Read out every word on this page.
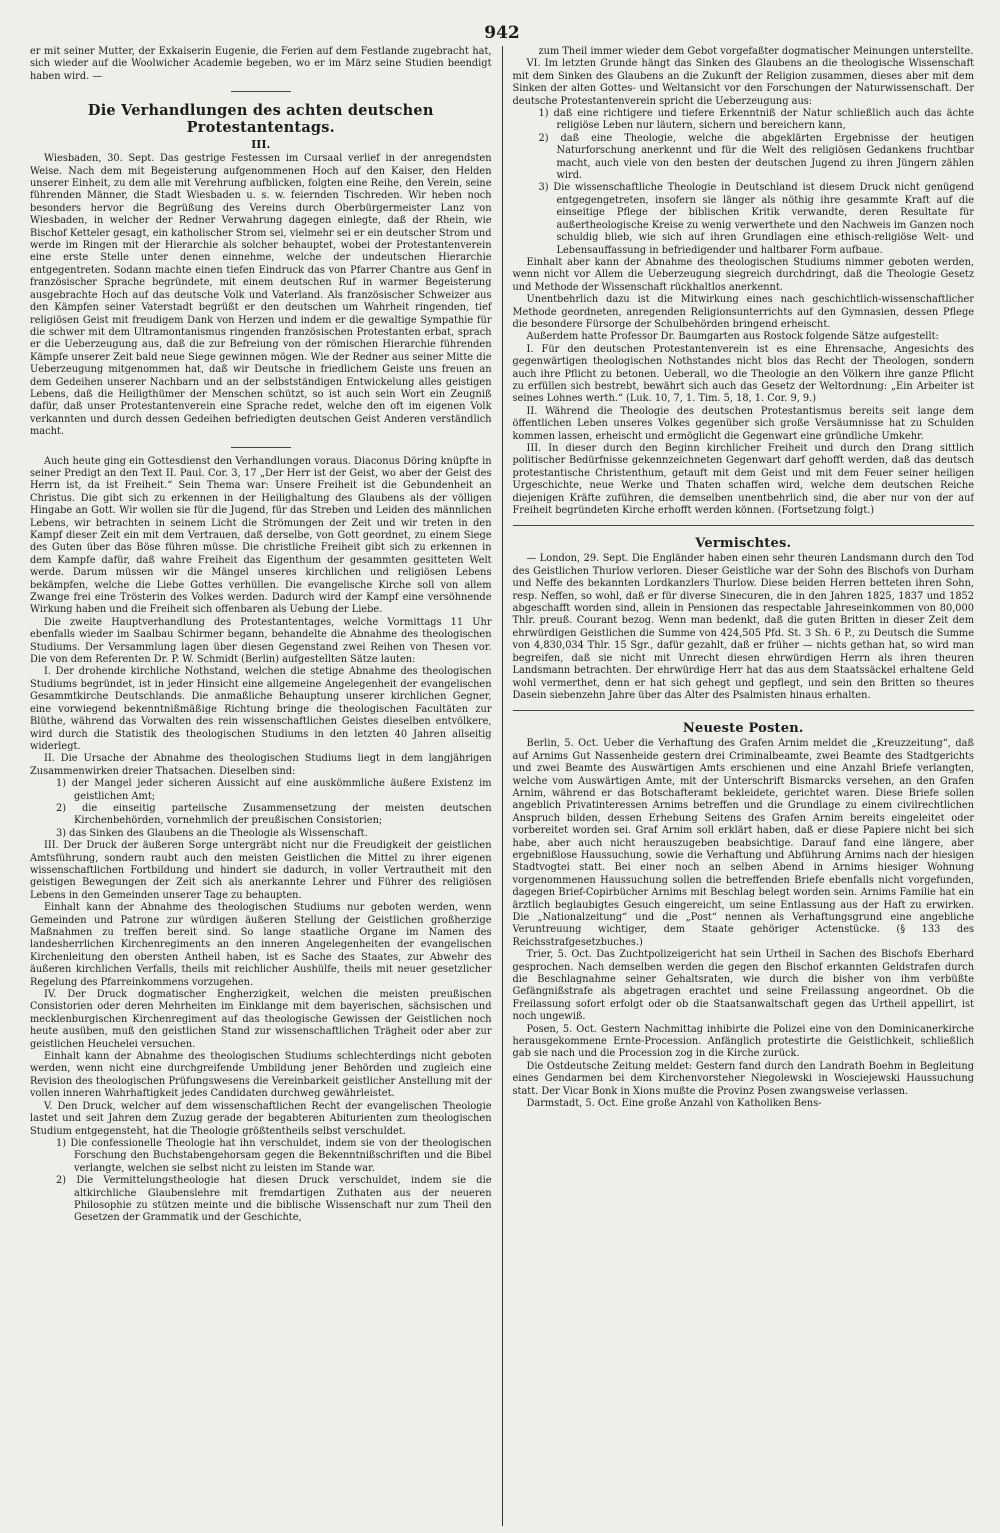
942

er mit seiner Mutter, der Exkaiserin Eugenie, die Ferien auf dem Festlande zugebracht hat, sich wieder auf die Woolwicher Academie begeben, wo er im März seine Studien beendigt haben wird. —

Die Verhandlungen des achten deutschen Protestantentags.
III.

Wiesbaden, 30. Sept. Das gestrige Festessen im Cursaal verlief in der anregendsten Weise. Nach dem mit Begeisterung aufgenommenen Hoch auf den Kaiser, den Helden unserer Einheit, zu dem alle mit Verehrung aufblicken, folgten eine Reihe, den Verein, seine führenden Männer, die Stadt Wiesbaden u. s. w. feiernden Tischreden. Wir heben noch besonders hervor die Begrüßung des Vereins durch Oberbürgermeister Lanz von Wiesbaden, in welcher der Redner Verwahrung dagegen einlegte, daß der Rhein, wie Bischof Ketteler gesagt, ein katholischer Strom sei, vielmehr sei er ein deutscher Strom und werde im Ringen mit der Hierarchie als solcher behauptet, wobei der Protestantenverein eine erste Stelle unter denen einnehme, welche der undeutschen Hierarchie entgegentreten. Sodann machte einen tiefen Eindruck das von Pfarrer Chantre aus Genf in französischer Sprache begründete, mit einem deutschen Ruf in warmer Begeisterung ausgebrachte Hoch auf das deutsche Volk und Vaterland. Als französischer Schweizer aus den Kämpfen seiner Vaterstadt begrüßt er den deutschen um Wahrheit ringenden, tief religiösen Geist mit freudigem Dank von Herzen und indem er die gewaltige Sympathie für die schwer mit dem Ultramontanismus ringenden französischen Protestanten erbat, sprach er die Ueberzeugung aus, daß die zur Befreiung von der römischen Hierarchie führenden Kämpfe unserer Zeit bald neue Siege gewinnen mögen. Wie der Redner aus seiner Mitte die Ueberzeugung mitgenommen hat, daß wir Deutsche in friedlichem Geiste uns freuen an dem Gedeihen unserer Nachbarn und an der selbstständigen Entwickelung alles geistigen Lebens, daß die Heiligthümer der Menschen schützt, so ist auch sein Wort ein Zeugniß dafür, daß unser Protestantenverein eine Sprache redet, welche den oft im eigenen Volk verkannten und durch dessen Gedeihen befriedigten deutschen Geist Anderen verständlich macht.

Auch heute ging ein Gottesdienst den Verhandlungen voraus. Diaconus Döring knüpfte in seiner Predigt an den Text II. Paul. Cor. 3, 17 „Der Herr ist der Geist, wo aber der Geist des Herrn ist, da ist Freiheit.“ Sein Thema war: Unsere Freiheit ist die Gebundenheit an Christus. Die gibt sich zu erkennen in der Heilighaltung des Glaubens als der völligen Hingabe an Gott. Wir wollen sie für die Jugend, für das Streben und Leiden des männlichen Lebens, wir betrachten in seinem Licht die Strömungen der Zeit und wir treten in den Kampf dieser Zeit ein mit dem Vertrauen, daß derselbe, von Gott geordnet, zu einem Siege des Guten über das Böse führen müsse. Die christliche Freiheit gibt sich zu erkennen in dem Kampfe dafür, daß wahre Freiheit das Eigenthum der gesammten gesitteten Welt werde. Darum müssen wir die Mängel unseres kirchlichen und religiösen Lebens bekämpfen, welche die Liebe Gottes verhüllen. Die evangelische Kirche soll von allem Zwange frei eine Trösterin des Volkes werden. Dadurch wird der Kampf eine versöhnende Wirkung haben und die Freiheit sich offenbaren als Uebung der Liebe.

Die zweite Hauptverhandlung des Protestantentages, welche Vormittags 11 Uhr ebenfalls wieder im Saalbau Schirmer begann, behandelte die Abnahme des theologischen Studiums. Der Versammlung lagen über diesen Gegenstand zwei Reihen von Thesen vor. Die von dem Referenten Dr. P. W. Schmidt (Berlin) aufgestellten Sätze lauten:

I. Der drohende kirchliche Nothstand, welchen die stetige Abnahme des theologischen Studiums begründet, ist in jeder Hinsicht eine allgemeine Angelegenheit der evangelischen Gesammtkirche Deutschlands. Die anmaßliche Behauptung unserer kirchlichen Gegner, eine vorwiegend bekenntnißmäßige Richtung bringe die theologischen Facultäten zur Blüthe, während das Vorwalten des rein wissenschaftlichen Geistes dieselben entvölkere, wird durch die Statistik des theologischen Studiums in den letzten 40 Jahren allseitig widerlegt.

II. Die Ursache der Abnahme des theologischen Studiums liegt in dem langjährigen Zusammenwirken dreier Thatsachen. Dieselben sind:

1) der Mangel jeder sicheren Aussicht auf eine auskömmliche äußere Existenz im geistlichen Amt;

2) die einseitig parteiische Zusammensetzung der meisten deutschen Kirchenbehörden, vornehmlich der preußischen Consistorien;

3) das Sinken des Glaubens an die Theologie als Wissenschaft.

III. Der Druck der äußeren Sorge untergräbt nicht nur die Freudigkeit der geistlichen Amtsführung, sondern raubt auch den meisten Geistlichen die Mittel zu ihrer eigenen wissenschaftlichen Fortbildung und hindert sie dadurch, in voller Vertrautheit mit den geistigen Bewegungen der Zeit sich als anerkannte Lehrer und Führer des religiösen Lebens in den Gemeinden unserer Tage zu behaupten.

Einhalt kann der Abnahme des theologischen Studiums nur geboten werden, wenn Gemeinden und Patrone zur würdigen äußeren Stellung der Geistlichen großherzige Maßnahmen zu treffen bereit sind. So lange staatliche Organe im Namen des landesherrlichen Kirchenregiments an den inneren Angelegenheiten der evangelischen Kirchenleitung den obersten Antheil haben, ist es Sache des Staates, zur Abwehr des äußeren kirchlichen Verfalls, theils mit reichlicher Aushülfe, theils mit neuer gesetzlicher Regelung des Pfarreinkommens vorzugehen.

IV. Der Druck dogmatischer Engherzigkeit, welchen die meisten preußischen Consistorien oder deren Mehrheiten im Einklange mit dem bayerischen, sächsischen und mecklenburgischen Kirchenregiment auf das theologische Gewissen der Geistlichen noch heute ausüben, muß den geistlichen Stand zur wissenschaftlichen Trägheit oder aber zur geistlichen Heuchelei versuchen.

Einhalt kann der Abnahme des theologischen Studiums schlechterdings nicht geboten werden, wenn nicht eine durchgreifende Umbildung jener Behörden und zugleich eine Revision des theologischen Prüfungswesens die Vereinbarkeit geistlicher Anstellung mit der vollen inneren Wahrhaftigkeit jedes Candidaten durchweg gewährleistet.

V. Den Druck, welcher auf dem wissenschaftlichen Recht der evangelischen Theologie lastet und seit Jahren dem Zuzug gerade der begabteren Abiturienten zum theologischen Studium entgegensteht, hat die Theologie größtentheils selbst verschuldet.

1) Die confessionelle Theologie hat ihn verschuldet, indem sie von der theologischen Forschung den Buchstabengehorsam gegen die Bekenntnißschriften und die Bibel verlangte, welchen sie selbst nicht zu leisten im Stande war.

2) Die Vermittelungstheologie hat diesen Druck verschuldet, indem sie die altkirchliche Glaubenslehre mit fremdartigen Zuthaten aus der neueren Philosophie zu stützen meinte und die biblische Wissenschaft nur zum Theil den Gesetzen der Grammatik und der Geschichte,

zum Theil immer wieder dem Gebot vorgefaßter dogmatischer Meinungen unterstellte.

VI. Im letzten Grunde hängt das Sinken des Glaubens an die theologische Wissenschaft mit dem Sinken des Glaubens an die Zukunft der Religion zusammen, dieses aber mit dem Sinken der alten Gottes- und Weltansicht vor den Forschungen der Naturwissenschaft. Der deutsche Protestantenverein spricht die Ueberzeugung aus:

1) daß eine richtigere und tiefere Erkenntniß der Natur schließlich auch das ächte religiöse Leben nur läutern, sichern und bereichern kann,

2) daß eine Theologie, welche die abgeklärten Ergebnisse der heutigen Naturforschung anerkennt und für die Welt des religiösen Gedankens fruchtbar macht, auch viele von den besten der deutschen Jugend zu ihren Jüngern zählen wird.

3) Die wissenschaftliche Theologie in Deutschland ist diesem Druck nicht genügend entgegengetreten, insofern sie länger als nöthig ihre gesammte Kraft auf die einseitige Pflege der biblischen Kritik verwandte, deren Resultate für außertheologische Kreise zu wenig verwerthete und den Nachweis im Ganzen noch schuldig blieb, wie sich auf ihren Grundlagen eine ethisch-religiöse Welt- und Lebensauffassung in befriedigender und haltbarer Form aufbaue.

Einhalt aber kann der Abnahme des theologischen Studiums nimmer geboten werden, wenn nicht vor Allem die Ueberzeugung siegreich durchdringt, daß die Theologie Gesetz und Methode der Wissenschaft rückhaltlos anerkennt.

Unentbehrlich dazu ist die Mitwirkung eines nach geschichtlich-wissenschaftlicher Methode geordneten, anregenden Religionsunterrichts auf den Gymnasien, dessen Pflege die besondere Fürsorge der Schulbehörden bringend erheischt.

Außerdem hatte Professor Dr. Baumgarten aus Rostock folgende Sätze aufgestellt:

I. Für den deutschen Protestantenverein ist es eine Ehrensache, Angesichts des gegenwärtigen theologischen Nothstandes nicht blos das Recht der Theologen, sondern auch ihre Pflicht zu betonen. Ueberall, wo die Theologie an den Völkern ihre ganze Pflicht zu erfüllen sich bestrebt, bewährt sich auch das Gesetz der Weltordnung: „Ein Arbeiter ist seines Lohnes werth.“ (Luk. 10, 7, 1. Tim. 5, 18, 1. Cor. 9, 9.)

II. Während die Theologie des deutschen Protestantismus bereits seit lange dem öffentlichen Leben unseres Volkes gegenüber sich große Versäumnisse hat zu Schulden kommen lassen, erheischt und ermöglicht die Gegenwart eine gründliche Umkehr.

III. In dieser durch den Beginn kirchlicher Freiheit und durch den Drang sittlich politischer Bedürfnisse gekennzeichneten Gegenwart darf gehofft werden, daß das deutsch protestantische Christenthum, getauft mit dem Geist und mit dem Feuer seiner heiligen Urgeschichte, neue Werke und Thaten schaffen wird, welche dem deutschen Reiche diejenigen Kräfte zuführen, die demselben unentbehrlich sind, die aber nur von der auf Freiheit begründeten Kirche erhofft werden können. (Fortsetzung folgt.)

Vermischtes.

— London, 29. Sept. Die Engländer haben einen sehr theuren Landsmann durch den Tod des Geistlichen Thurlow verloren. Dieser Geistliche war der Sohn des Bischofs von Durham und Neffe des bekannten Lordkanzlers Thurlow. Diese beiden Herren betteten ihren Sohn, resp. Neffen, so wohl, daß er für diverse Sinecuren, die in den Jahren 1825, 1837 und 1852 abgeschafft worden sind, allein in Pensionen das respectable Jahreseinkommen von 80,000 Thlr. preuß. Courant bezog. Wenn man bedenkt, daß die guten Britten in dieser Zeit dem ehrwürdigen Geistlichen die Summe von 424,505 Pfd. St. 3 Sh. 6 P., zu Deutsch die Summe von 4,830,034 Thlr. 15 Sgr., dafür gezahlt, daß er früher — nichts gethan hat, so wird man begreifen, daß sie nicht mit Unrecht diesen ehrwürdigen Herrn als ihren theuren Landsmann betrachten. Der ehrwürdige Herr hat das aus dem Staatssäckel erhaltene Geld wohl vermerthet, denn er hat sich gehegt und gepflegt, und sein den Britten so theures Dasein siebenzehn Jahre über das Alter des Psalmisten hinaus erhalten.

Neueste Posten.

Berlin, 5. Oct. Ueber die Verhaftung des Grafen Arnim meldet die „Kreuzzeitung“, daß auf Arnims Gut Nassenheide gestern drei Criminalbeamte, zwei Beamte des Stadtgerichts und zwei Beamte des Auswärtigen Amts erschienen und eine Anzahl Briefe verlangten, welche vom Auswärtigen Amte, mit der Unterschrift Bismarcks versehen, an den Grafen Arnim, während er das Botschafteramt bekleidete, gerichtet waren. Diese Briefe sollen angeblich Privatinteressen Arnims betreffen und die Grundlage zu einem civilrechtlichen Anspruch bilden, dessen Erhebung Seitens des Grafen Arnim bereits eingeleitet oder vorbereitet worden sei. Graf Arnim soll erklärt haben, daß er diese Papiere nicht bei sich habe, aber auch nicht herauszugeben beabsichtige. Darauf fand eine längere, aber ergebnißlose Haussuchung, sowie die Verhaftung und Abführung Arnims nach der hiesigen Stadtvogtei statt. Bei einer noch an selben Abend in Arnims hiesiger Wohnung vorgenommenen Haussuchung sollen die betreffenden Briefe ebenfalls nicht vorgefunden, dagegen Brief-Copirbücher Arnims mit Beschlag belegt worden sein. Arnims Familie hat ein ärztlich beglaubigtes Gesuch eingereicht, um seine Entlassung aus der Haft zu erwirken. Die „Nationalzeitung“ und die „Post“ nennen als Verhaftungsgrund eine angebliche Veruntreuung wichtiger, dem Staate gehöriger Actenstücke. (§ 133 des Reichsstrafgesetzbuches.)

Trier, 5. Oct. Das Zuchtpolizeigericht hat sein Urtheil in Sachen des Bischofs Eberhard gesprochen. Nach demselben werden die gegen den Bischof erkannten Geldstrafen durch die Beschlagnahme seiner Gehaltsraten, wie durch die bisher von ihm verbüßte Gefängnißstrafe als abgetragen erachtet und seine Freilassung angeordnet. Ob die Freilassung sofort erfolgt oder ob die Staatsanwaltschaft gegen das Urtheil appellirt, ist noch ungewiß.

Posen, 5. Oct. Gestern Nachmittag inhibirte die Polizei eine von den Dominicanerkirche herausgekommene Ernte-Procession. Anfänglich protestirte die Geistlichkeit, schließlich gab sie nach und die Procession zog in die Kirche zurück.

Die Ostdeutsche Zeitung meldet: Gestern fand durch den Landrath Boehm in Begleitung eines Gendarmen bei dem Kirchenvorsteher Niegolewski in Wosciejewski Haussuchung statt. Der Vicar Bonk in Xions mußte die Provinz Posen zwangsweise verlassen.

Darmstadt, 5. Oct. Eine große Anzahl von Katholiken Bens-
